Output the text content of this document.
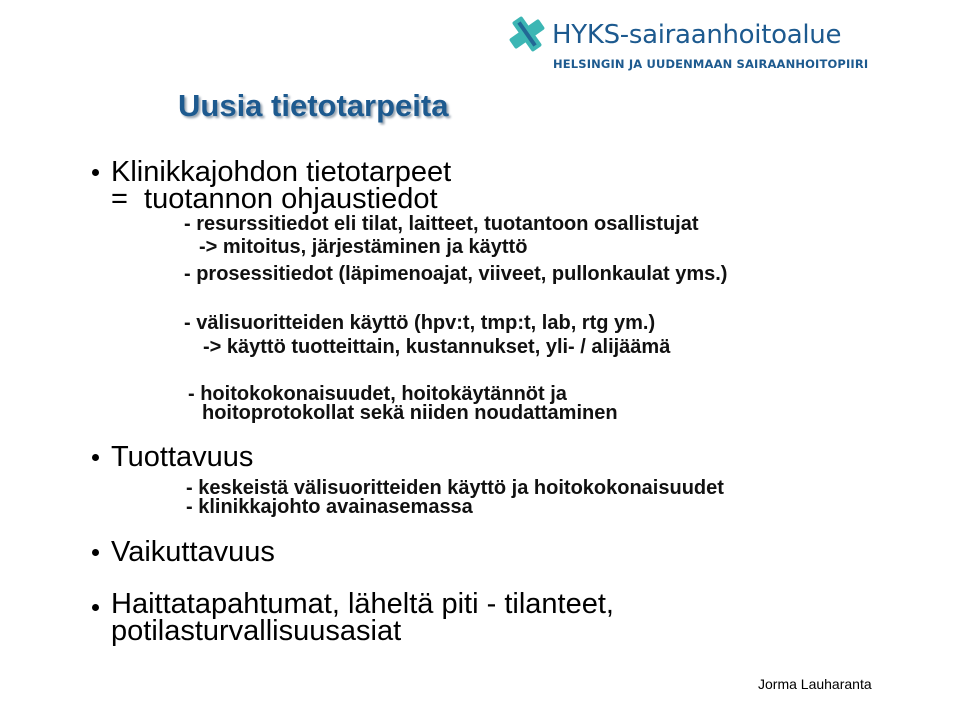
HYKS-sairaanhoitoalue
HELSINGIN JA UUDENMAAN SAIRAANHOITOPIIRI
Uusia tietotarpeita
Klinikkajohdon tietotarpeet
=  tuotannon ohjaustiedot
- resurssitiedot eli tilat, laitteet, tuotantoon osallistujat
-> mitoitus, järjestäminen ja käyttö
- prosessitiedot (läpimenoajat, viiveet, pullonkaulat yms.)
- välisuoritteiden käyttö (hpv:t, tmp:t, lab, rtg ym.)
-> käyttö tuotteittain, kustannukset, yli- / alijäämä
- hoitokokonaisuudet, hoitokäytännöt ja
hoitoprotokollat sekä niiden noudattaminen
Tuottavuus
- keskeistä välisuoritteiden käyttö ja hoitokokonaisuudet
- klinikkajohto avainasemassa
Vaikuttavuus
Haittatapahtumat, läheltä piti - tilanteet,
potilasturvallisuusasiat
Jorma Lauharanta
